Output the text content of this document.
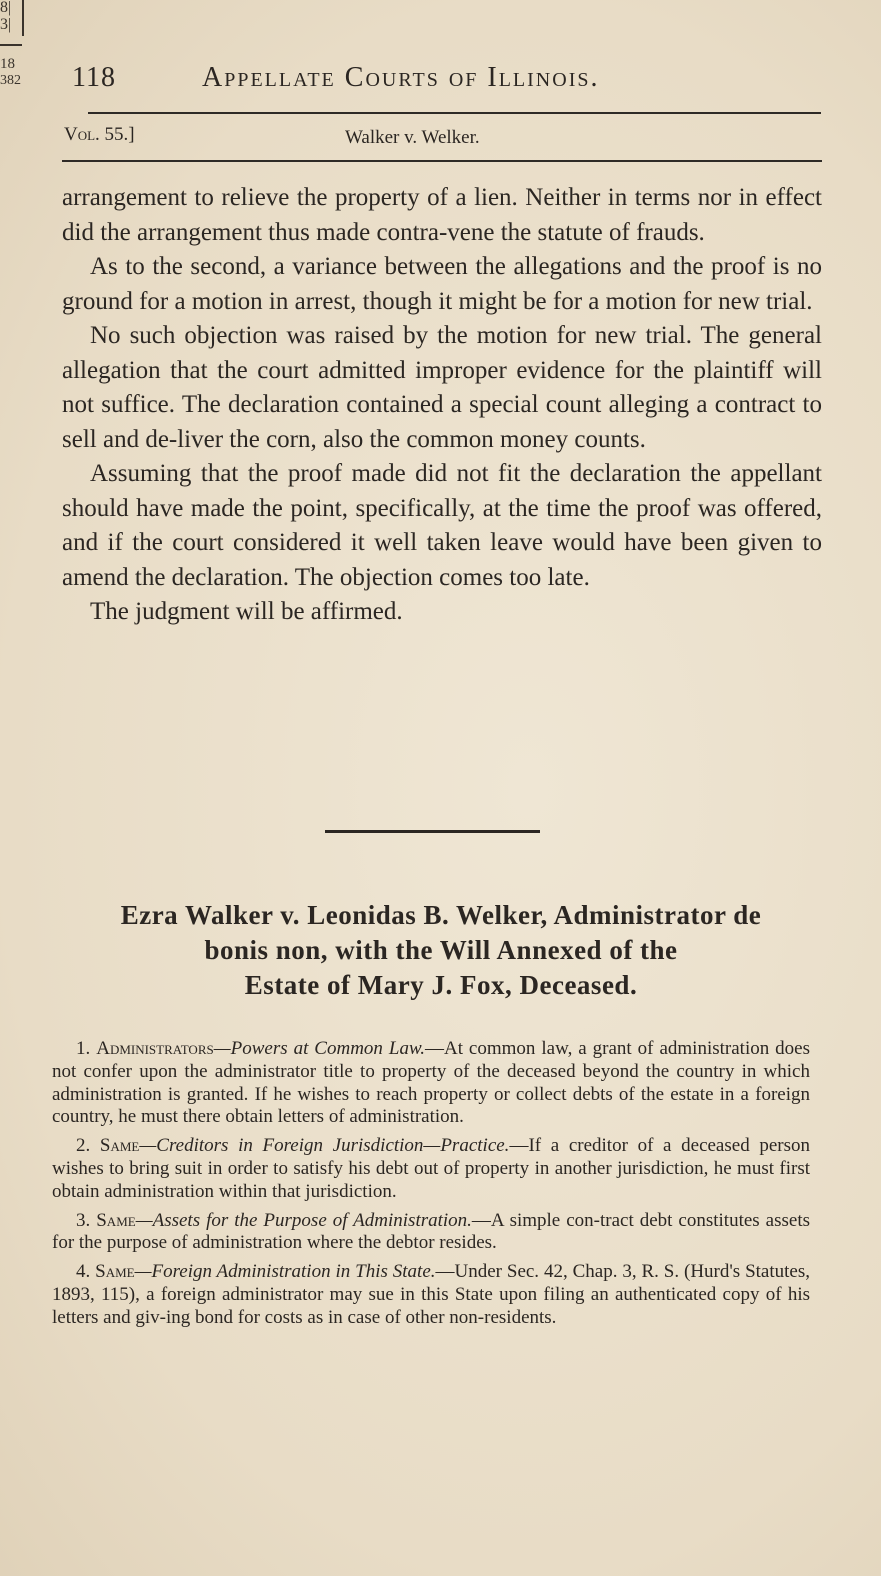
8|
3|
18
382 118	Appellate Courts of Illinois.
Vol. 55.]	Walker v. Welker.

arrangement to relieve the property of a lien. Neither in terms nor in effect did the arrangement thus made contra-vene the statute of frauds.

As to the second, a variance between the allegations and the proof is no ground for a motion in arrest, though it might be for a motion for new trial.

No such objection was raised by the motion for new trial. The general allegation that the court admitted improper evidence for the plaintiff will not suffice. The declaration contained a special count alleging a contract to sell and de-liver the corn, also the common money counts.

Assuming that the proof made did not fit the declaration the appellant should have made the point, specifically, at the time the proof was offered, and if the court considered it well taken leave would have been given to amend the declaration. The objection comes too late.

The judgment will be affirmed.

Ezra Walker v. Leonidas B. Welker, Administrator de
bonis non, with the Will Annexed of the
Estate of Mary J. Fox, Deceased.

1. Administrators—Powers at Common Law.—At common law, a grant of administration does not confer upon the administrator title to property of the deceased beyond the country in which administration is granted. If he wishes to reach property or collect debts of the estate in a foreign country, he must there obtain letters of administration.

2. Same—Creditors in Foreign Jurisdiction—Practice.—If a creditor of a deceased person wishes to bring suit in order to satisfy his debt out of property in another jurisdiction, he must first obtain administration within that jurisdiction.

3. Same—Assets for the Purpose of Administration.—A simple con-tract debt constitutes assets for the purpose of administration where the debtor resides.

4. Same—Foreign Administration in This State.—Under Sec. 42, Chap. 3, R. S. (Hurd's Statutes, 1893, 115), a foreign administrator may sue in this State upon filing an authenticated copy of his letters and giv-ing bond for costs as in case of other non-residents.
